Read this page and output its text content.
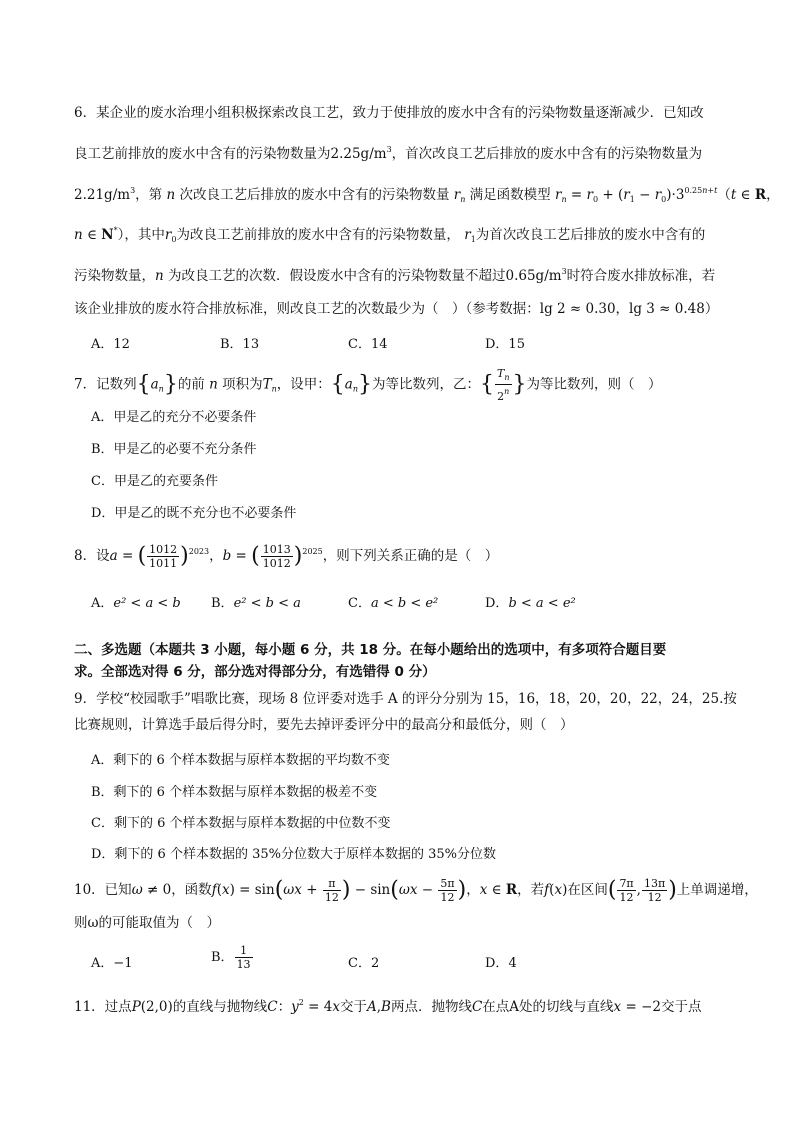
6．某企业的废水治理小组积极探索改良工艺，致力于使排放的废水中含有的污染物数量逐渐减少．已知改
良工艺前排放的废水中含有的污染物数量为$2.25g/m^3$，首次改良工艺后排放的废水中含有的污染物数量为
$2.21g/m^3$，第 n 次改良工艺后排放的废水中含有的污染物数量 $r_n$ 满足函数模型 $r_n = r_0 + (r_1 - r_0)\cdot 3^{0.25n+t}(t$ ∈ R，
n ∈ N*），其中$r_0$为改良工艺前排放的废水中含有的污染物数量， $r_1$为首次改良工艺后排放的废水中含有的
污染物数量，n 为改良工艺的次数．假设废水中含有的污染物数量不超过$0.65g/m^3$时符合废水排放标准，若
该企业排放的废水符合排放标准，则改良工艺的次数最少为（　）（参考数据：lg 2 ≈ 0.30，lg 3 ≈ 0.48）
A．12	B．13	C．14	D．15
7．记数列$\{a_n\}$的前 n 项积为$T_n$，设甲：$\{a_n\}$为等比数列，乙：{ $\frac{T_n}{2^n}$ }为等比数列，则（　）
A．甲是乙的充分不必要条件
B．甲是乙的必要不充分条件
C．甲是乙的充要条件
D．甲是乙的既不充分也不必要条件
8．设a = ( $\frac{1012}{1011} )^{2023}$，b = ( $\frac{1013}{1012} )^{2025}$，则下列关系正确的是（　）
A．e² < a < b B．e² < b < a	C．a < b < e²	D．b < a < e²
二、多选题（本题共 3 小题，每小题 6 分，共 18 分。在每小题给出的选项中，有多项符合题目要
求。全部选对得 6 分，部分选对得部分分，有选错得 0 分）
9．学校“校园歌手”唱歌比赛，现场 8 位评委对选手 A 的评分分别为 15，16，18，20，20，22，24，25.按
比赛规则，计算选手最后得分时，要先去掉评委评分中的最高分和最低分，则（　）
A．剩下的 6 个样本数据与原样本数据的平均数不变
B．剩下的 6 个样本数据与原样本数据的极差不变
C．剩下的 6 个样本数据与原样本数据的中位数不变
D．剩下的 6 个样本数据的 35%分位数大于原样本数据的 35%分位数
10．已知ω ≠ 0，函数$f(x) = \sin(\omega x + \frac{\pi}{12}$ ) − $\sin(\omega x - \frac{5\pi}{12}$ )，x ∈ R，若f(x)在区间( $\frac{7\pi}{12}$ , $\frac{13\pi}{12}$ )上单调递增，
则ω的可能取值为（　）
A．−1	B． $\frac{1}{13}$	C．2	D．4
11．过点P(2,0)的直线与抛物线C：$y^2 = 4x$交于A,B两点．抛物线C在点A处的切线与直线x = −2交于点
